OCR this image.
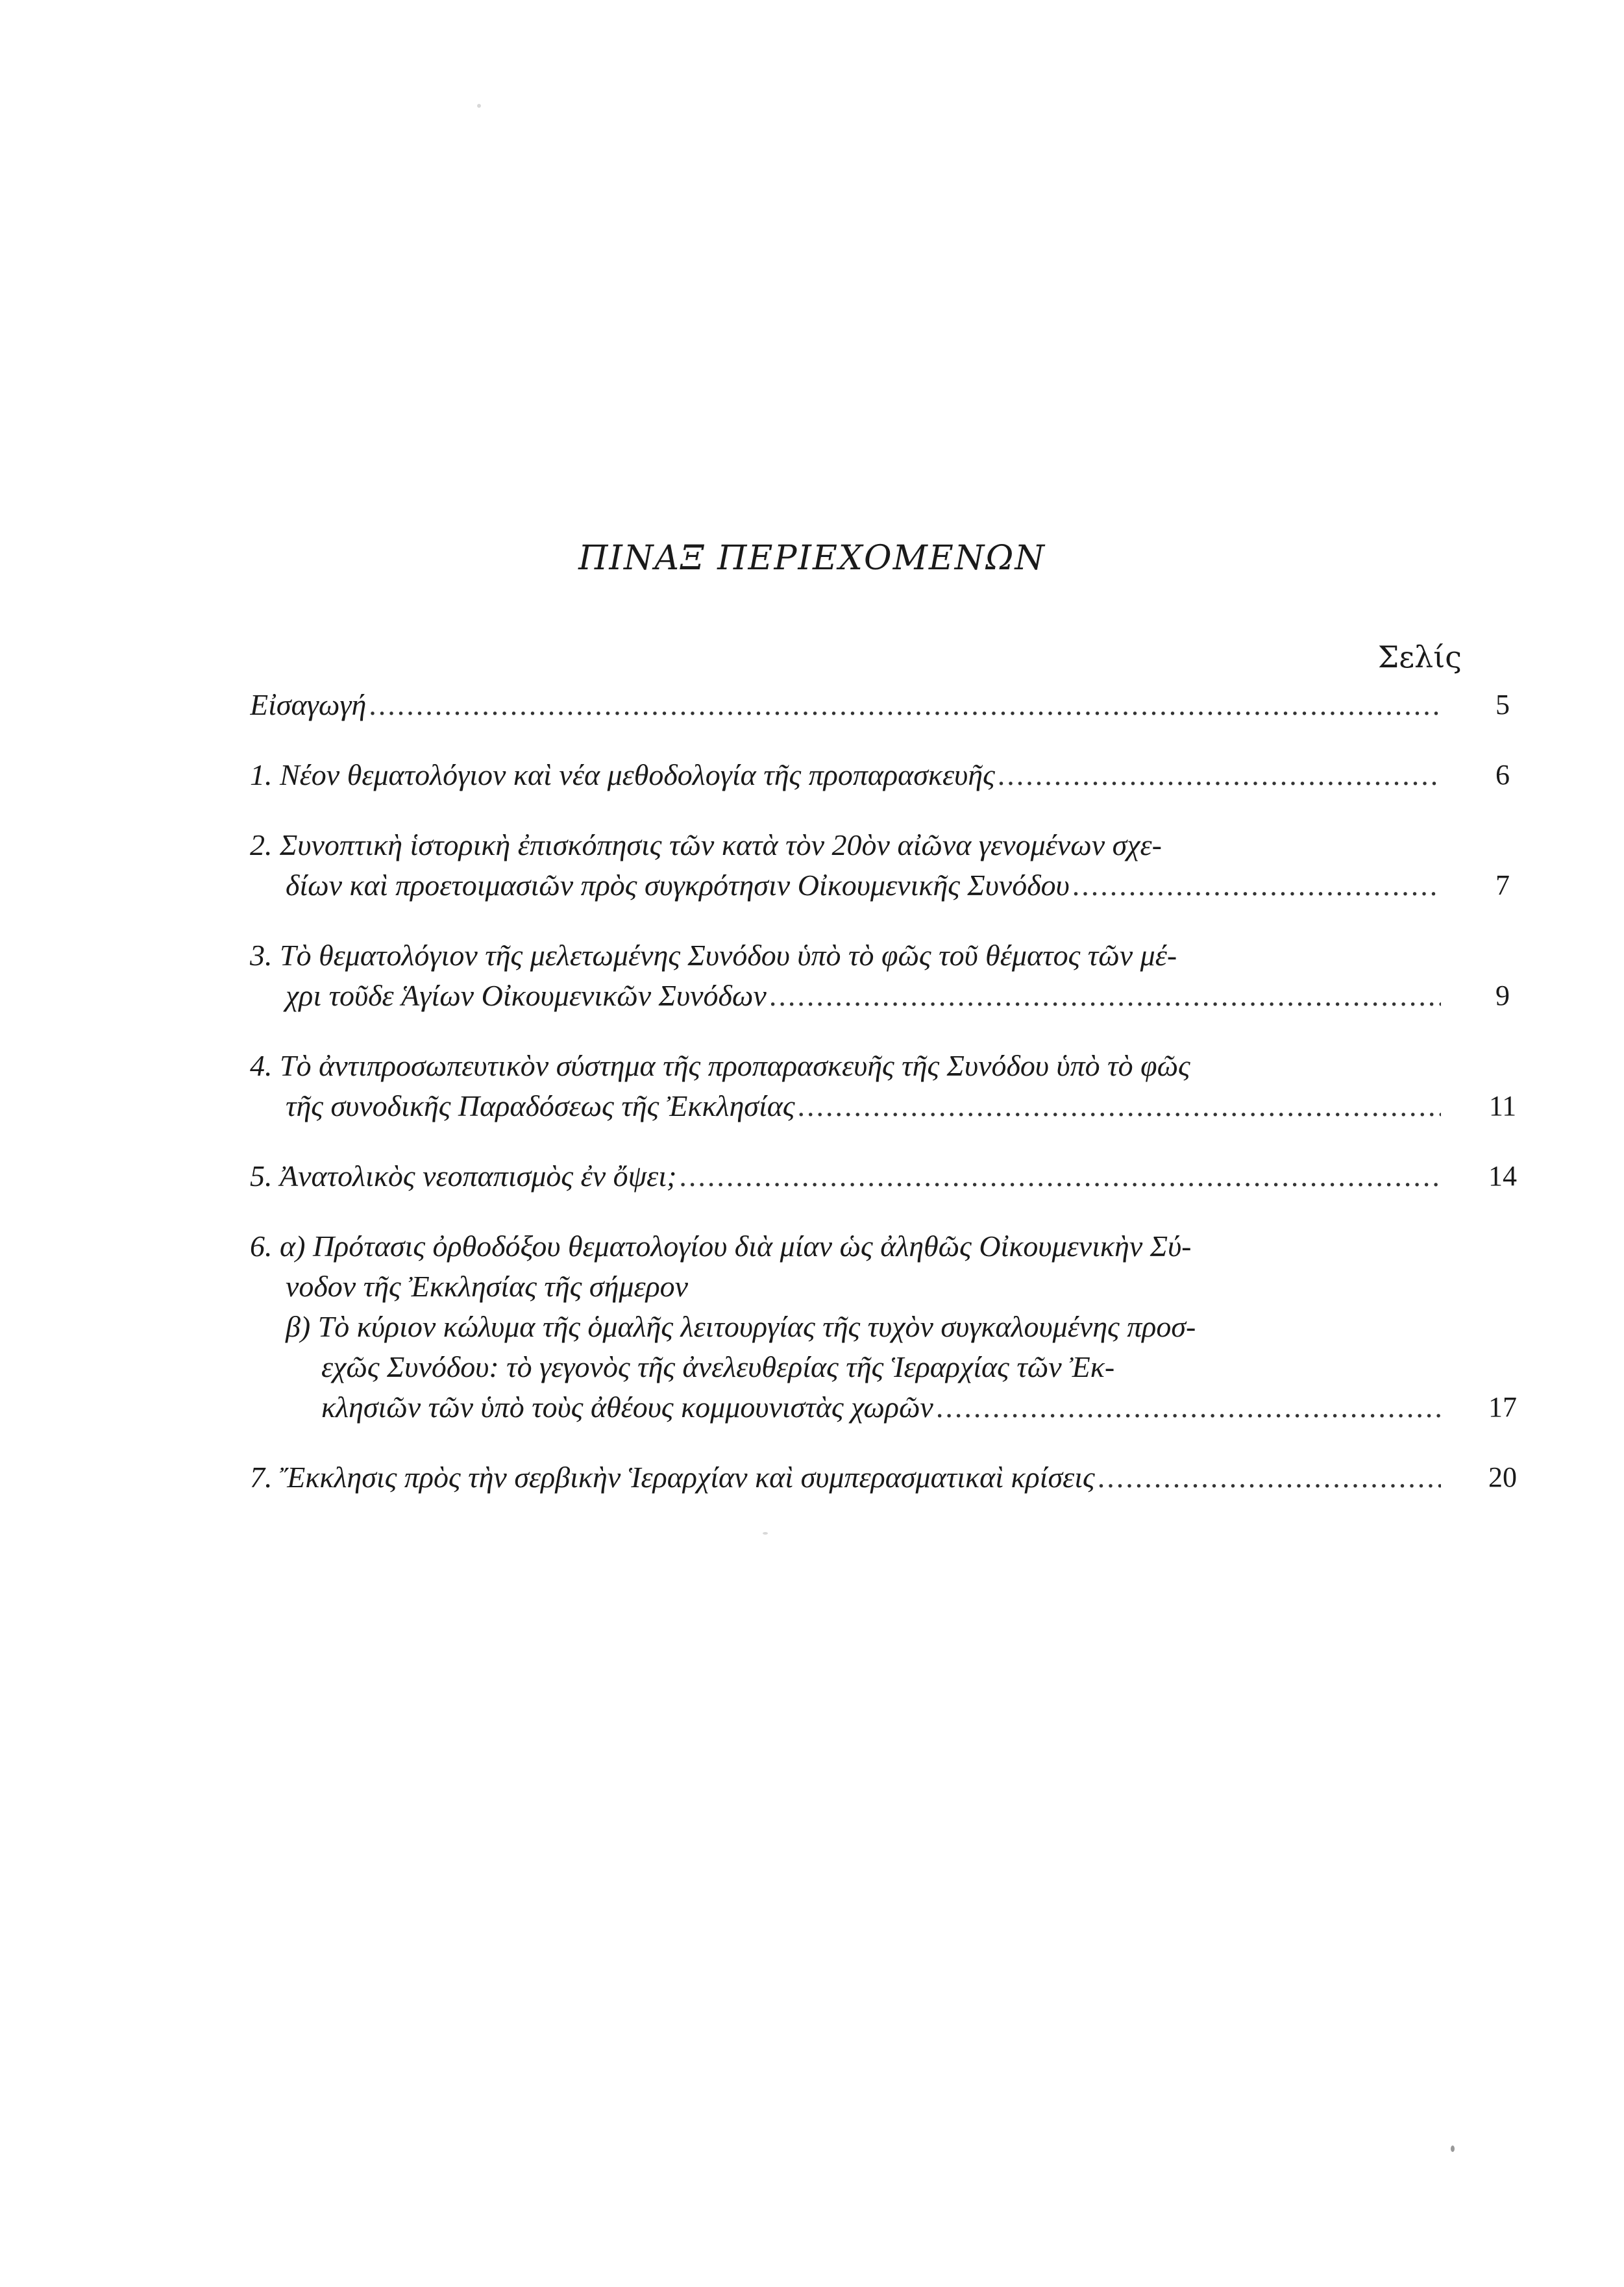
ΠΙΝΑΞ ΠΕΡΙΕΧΟΜΕΝΩΝ
Σελίς
Εἰσαγωγή .....	5
1. Νέον θεματολόγιον καὶ νέα μεθοδολογία τῆς προπαρασκευῆς .....	6
2. Συνοπτικὴ ἱστορικὴ ἐπισκόπησις τῶν κατὰ τὸν 20ὸν αἰῶνα γενομένων σχε-
δίων καὶ προετοιμασιῶν πρὸς συγκρότησιν Οἰκουμενικῆς Συνόδου .....	7
3. Τὸ θεματολόγιον τῆς μελετωμένης Συνόδου ὑπὸ τὸ φῶς τοῦ θέματος τῶν μέ-
χρι τοῦδε Ἁγίων Οἰκουμενικῶν Συνόδων .....	9
4. Τὸ ἀντιπροσωπευτικὸν σύστημα τῆς προπαρασκευῆς τῆς Συνόδου ὑπὸ τὸ φῶς
τῆς συνοδικῆς Παραδόσεως τῆς Ἐκκλησίας .....	11
5. Ἀνατολικὸς νεοπαπισμὸς ἐν ὄψει; .....	14
6. α) Πρότασις ὀρθοδόξου θεματολογίου διὰ μίαν ὡς ἀληθῶς Οἰκουμενικὴν Σύ-
νοδον τῆς Ἐκκλησίας τῆς σήμερον
β) Τὸ κύριον κώλυμα τῆς ὁμαλῆς λειτουργίας τῆς τυχὸν συγκαλουμένης προσ-
εχῶς Συνόδου: τὸ γεγονὸς τῆς ἀνελευθερίας τῆς Ἱεραρχίας τῶν Ἐκ-
κλησιῶν τῶν ὑπὸ τοὺς ἀθέους κομμουνιστὰς χωρῶν .....	17
7. Ἔκκλησις πρὸς τὴν σερβικὴν Ἱεραρχίαν καὶ συμπερασματικαὶ κρίσεις .....	20
